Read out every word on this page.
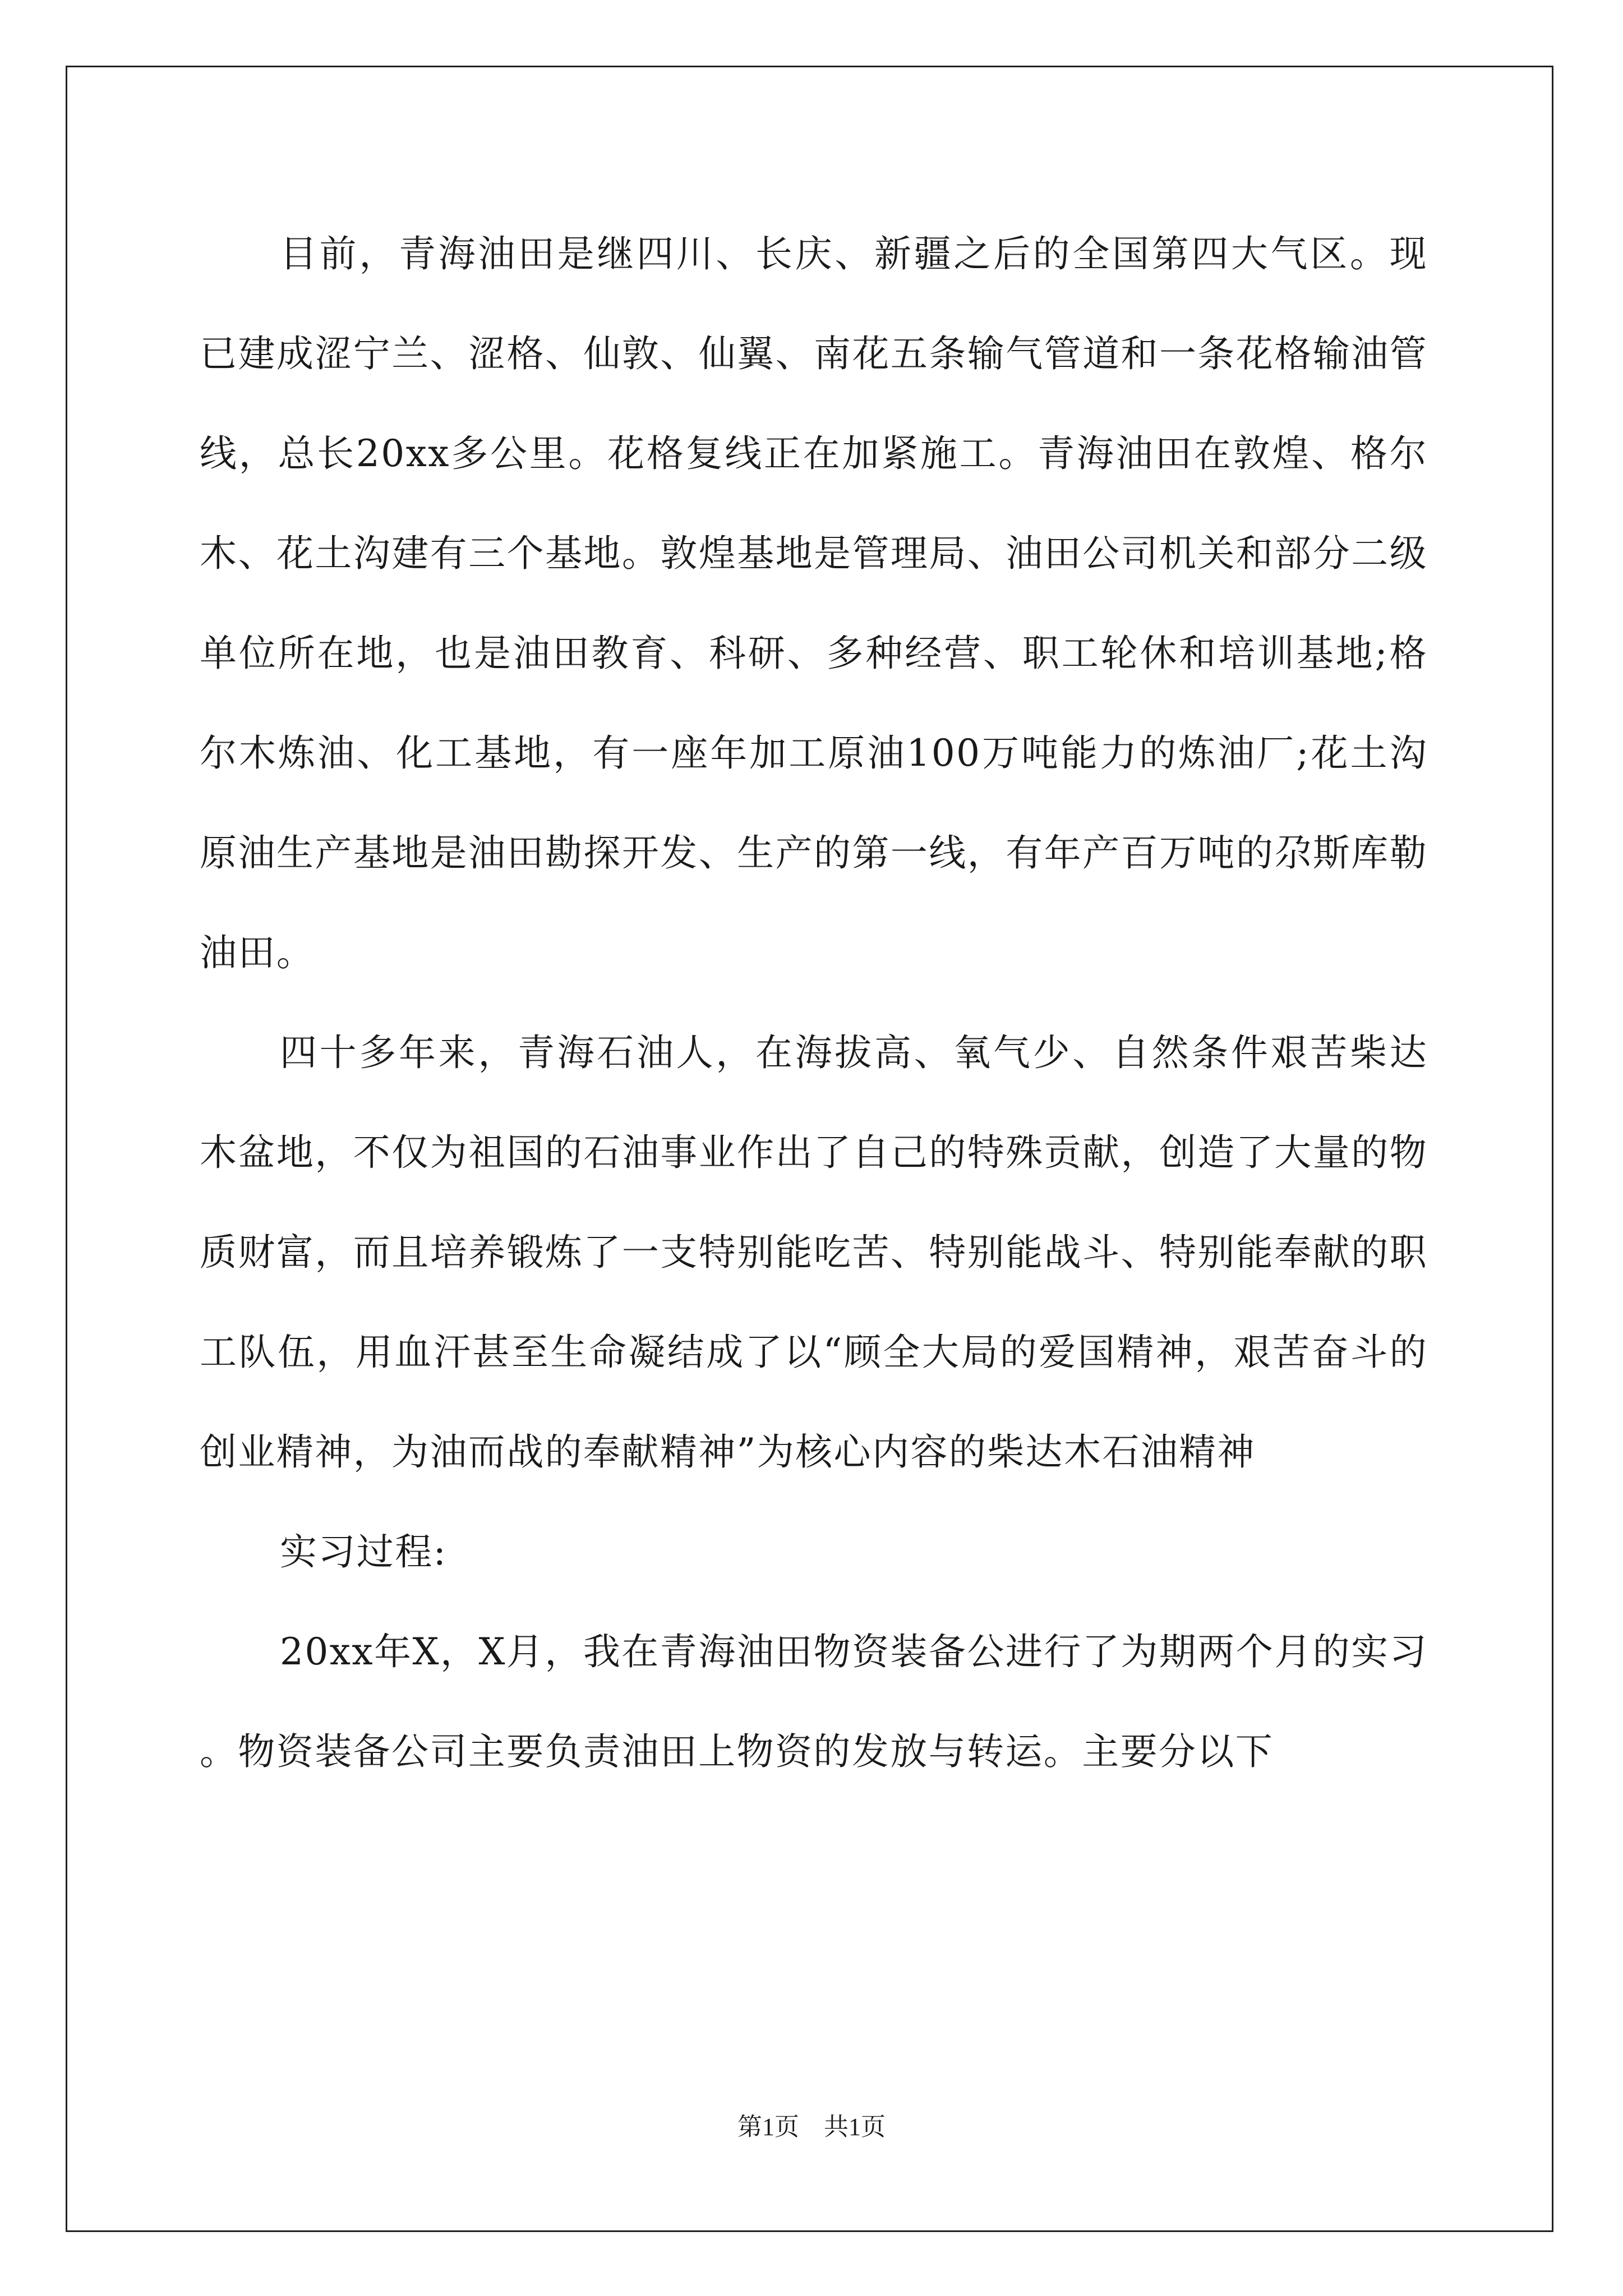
目前，青海油田是继四川、长庆、新疆之后的全国第四大气区。现已建成涩宁兰、涩格、仙敦、仙翼、南花五条输气管道和一条花格输油管线，总长20xx多公里。花格复线正在加紧施工。青海油田在敦煌、格尔木、花土沟建有三个基地。敦煌基地是管理局、油田公司机关和部分二级单位所在地，也是油田教育、科研、多种经营、职工轮休和培训基地;格尔木炼油、化工基地，有一座年加工原油100万吨能力的炼油厂;花土沟原油生产基地是油田勘探开发、生产的第一线，有年产百万吨的尕斯库勒油田。

四十多年来，青海石油人，在海拔高、氧气少、自然条件艰苦柴达木盆地，不仅为祖国的石油事业作出了自己的特殊贡献，创造了大量的物质财富，而且培养锻炼了一支特别能吃苦、特别能战斗、特别能奉献的职工队伍，用血汗甚至生命凝结成了以“顾全大局的爱国精神，艰苦奋斗的创业精神，为油而战的奉献精神”为核心内容的柴达木石油精神

实习过程:

20xx年X，X月，我在青海油田物资装备公进行了为期两个月的实习。物资装备公司主要负责油田上物资的发放与转运。主要分以下

第1页　共1页
